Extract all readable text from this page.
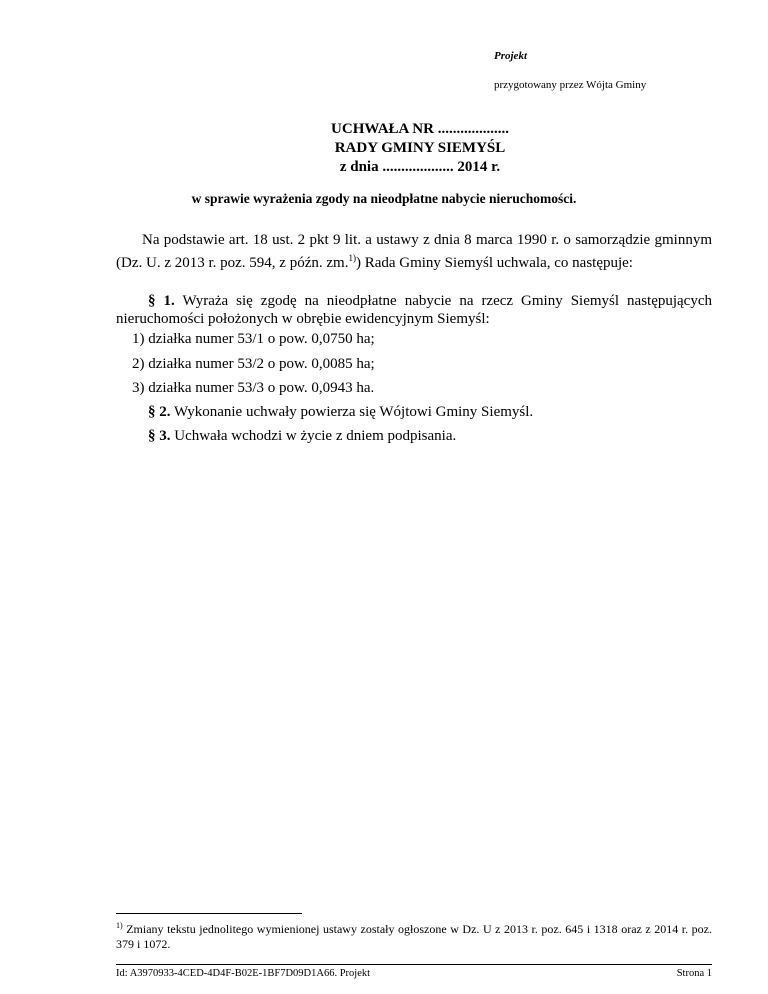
Projekt
przygotowany przez Wójta Gminy
UCHWAŁA NR ...................
RADY GMINY SIEMYŚL
z dnia ................... 2014 r.
w sprawie wyrażenia zgody na nieodpłatne nabycie nieruchomości.
Na podstawie art. 18 ust. 2 pkt 9 lit. a ustawy z dnia 8 marca 1990 r. o samorządzie gminnym (Dz. U. z 2013 r. poz. 594, z późn. zm.$^{1)}$) Rada Gminy Siemyśl uchwala, co następuje:
§ 1. Wyraża się zgodę na nieodpłatne nabycie na rzecz Gminy Siemyśl następujących nieruchomości położonych w obrębie ewidencyjnym Siemyśl:
1) działka numer 53/1 o pow. 0,0750 ha;
2) działka numer 53/2 o pow. 0,0085 ha;
3) działka numer 53/3 o pow. 0,0943 ha.
§ 2. Wykonanie uchwały powierza się Wójtowi Gminy Siemyśl.
§ 3. Uchwała wchodzi w życie z dniem podpisania.
$^{1)}$ Zmiany tekstu jednolitego wymienionej ustawy zostały ogłoszone w Dz. U z 2013 r. poz. 645 i 1318 oraz z 2014 r. poz. 379 i 1072.
Id: A3970933-4CED-4D4F-B02E-1BF7D09D1A66. Projekt	Strona 1
